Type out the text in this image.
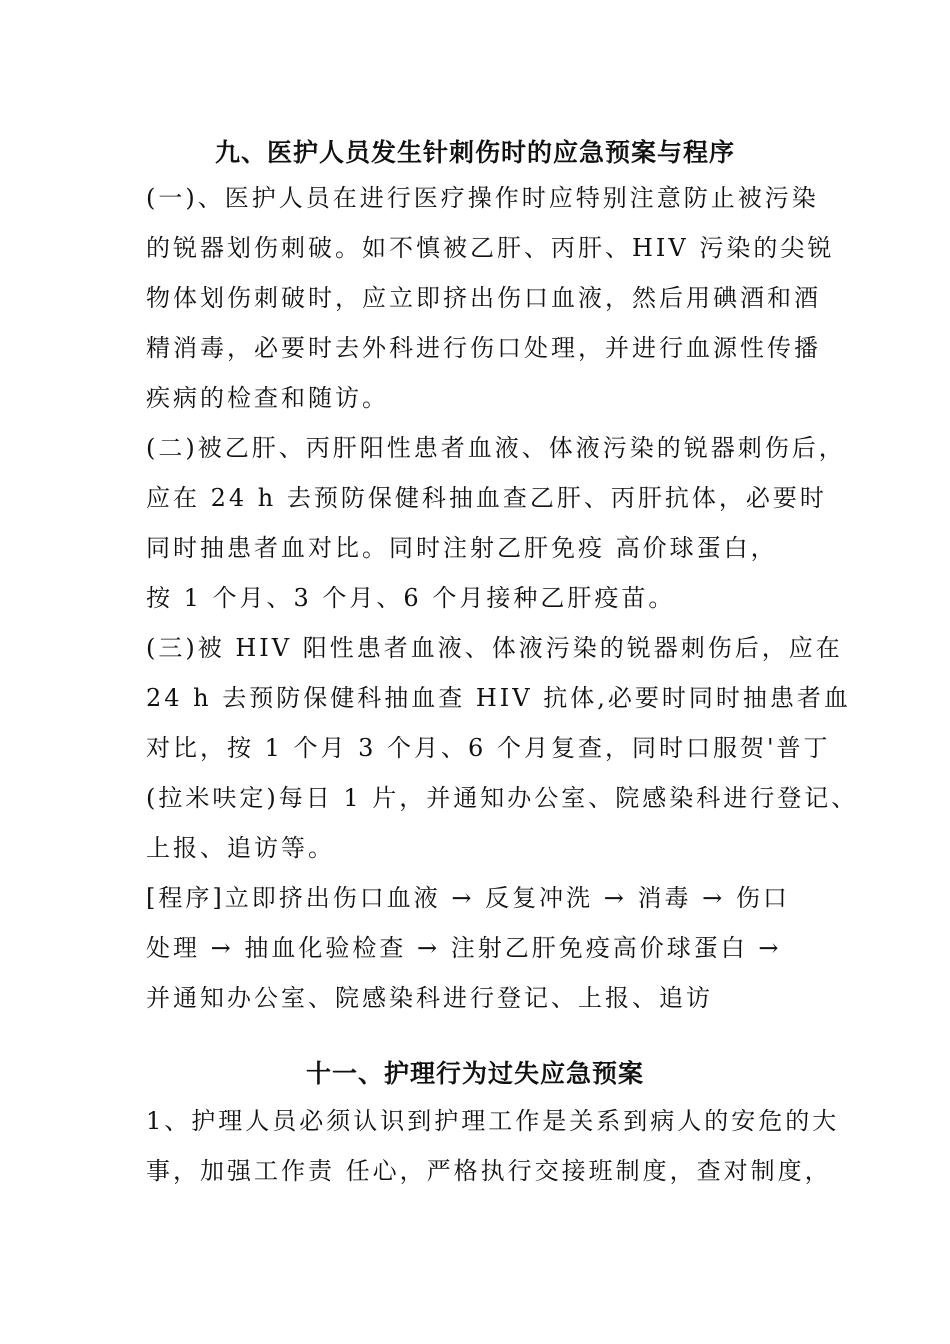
九、医护人员发生针刺伤时的应急预案与程序
(一)、医护人员在进行医疗操作时应特别注意防止被污染
的锐器划伤刺破。如不慎被乙肝、丙肝、HIV 污染的尖锐
物体划伤刺破时，应立即挤出伤口血液，然后用碘酒和酒
精消毒，必要时去外科进行伤口处理，并进行血源性传播
疾病的检查和随访。
(二)被乙肝、丙肝阳性患者血液、体液污染的锐器刺伤后，
应在 24 h 去预防保健科抽血查乙肝、丙肝抗体，必要时
同时抽患者血对比。同时注射乙肝免疫 高价球蛋白，
按 1 个月、3 个月、6 个月接种乙肝疫苗。
(三)被 HIV 阳性患者血液、体液污染的锐器刺伤后，应在
24 h 去预防保健科抽血查 HIV 抗体,必要时同时抽患者血
对比，按 1 个月 3 个月、6 个月复查，同时口服贺'普丁
(拉米呋定)每日 1 片，并通知办公室、院感染科进行登记、
上报、追访等。
[程序]立即挤出伤口血液 → 反复冲洗 → 消毒 → 伤口
处理 → 抽血化验检查 → 注射乙肝免疫高价球蛋白 →
并通知办公室、院感染科进行登记、上报、追访
十一、护理行为过失应急预案
1、护理人员必须认识到护理工作是关系到病人的安危的大
事，加强工作责 任心，严格执行交接班制度，查对制度，
